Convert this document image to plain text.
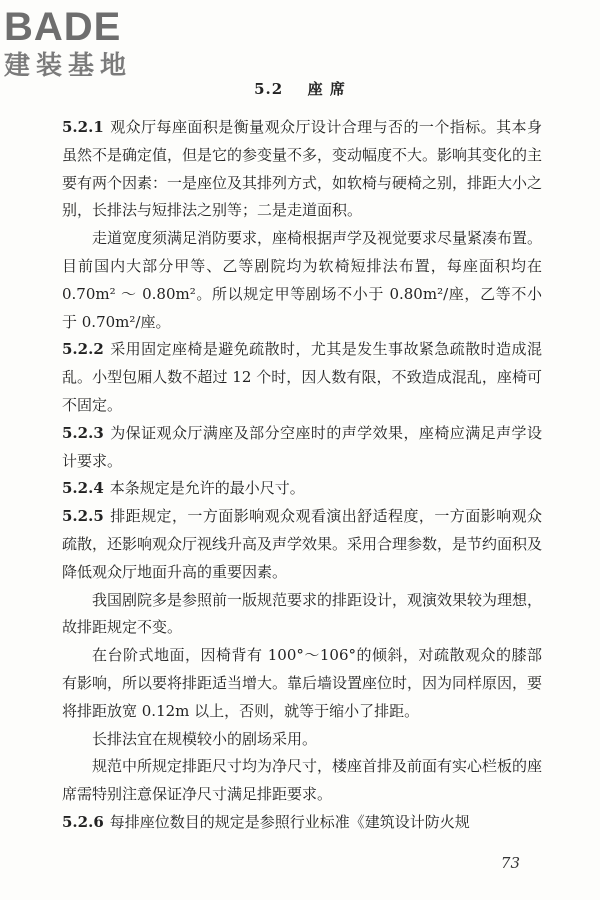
BADE
建装基地
5.2 座 席

5.2.1 观众厅每座面积是衡量观众厅设计合理与否的一个指标。其本身虽然不是确定值，但是它的参变量不多，变动幅度不大。影响其变化的主要有两个因素：一是座位及其排列方式，如软椅与硬椅之别，排距大小之别，长排法与短排法之别等；二是走道面积。

走道宽度须满足消防要求，座椅根据声学及视觉要求尽量紧凑布置。目前国内大部分甲等、乙等剧院均为软椅短排法布置，每座面积均在 0.70m² ～ 0.80m²。所以规定甲等剧场不小于 0.80m²/座，乙等不小于 0.70m²/座。

5.2.2 采用固定座椅是避免疏散时，尤其是发生事故紧急疏散时造成混乱。小型包厢人数不超过 12 个时，因人数有限，不致造成混乱，座椅可不固定。

5.2.3 为保证观众厅满座及部分空座时的声学效果，座椅应满足声学设计要求。

5.2.4 本条规定是允许的最小尺寸。

5.2.5 排距规定，一方面影响观众观看演出舒适程度，一方面影响观众疏散，还影响观众厅视线升高及声学效果。采用合理参数，是节约面积及降低观众厅地面升高的重要因素。

我国剧院多是参照前一版规范要求的排距设计，观演效果较为理想，故排距规定不变。

在台阶式地面，因椅背有 100°～106°的倾斜，对疏散观众的膝部有影响，所以要将排距适当增大。靠后墙设置座位时，因为同样原因，要将排距放宽 0.12m 以上，否则，就等于缩小了排距。

长排法宜在规模较小的剧场采用。

规范中所规定排距尺寸均为净尺寸，楼座首排及前面有实心栏板的座席需特别注意保证净尺寸满足排距要求。

5.2.6 每排座位数目的规定是参照行业标准《建筑设计防火规

73
